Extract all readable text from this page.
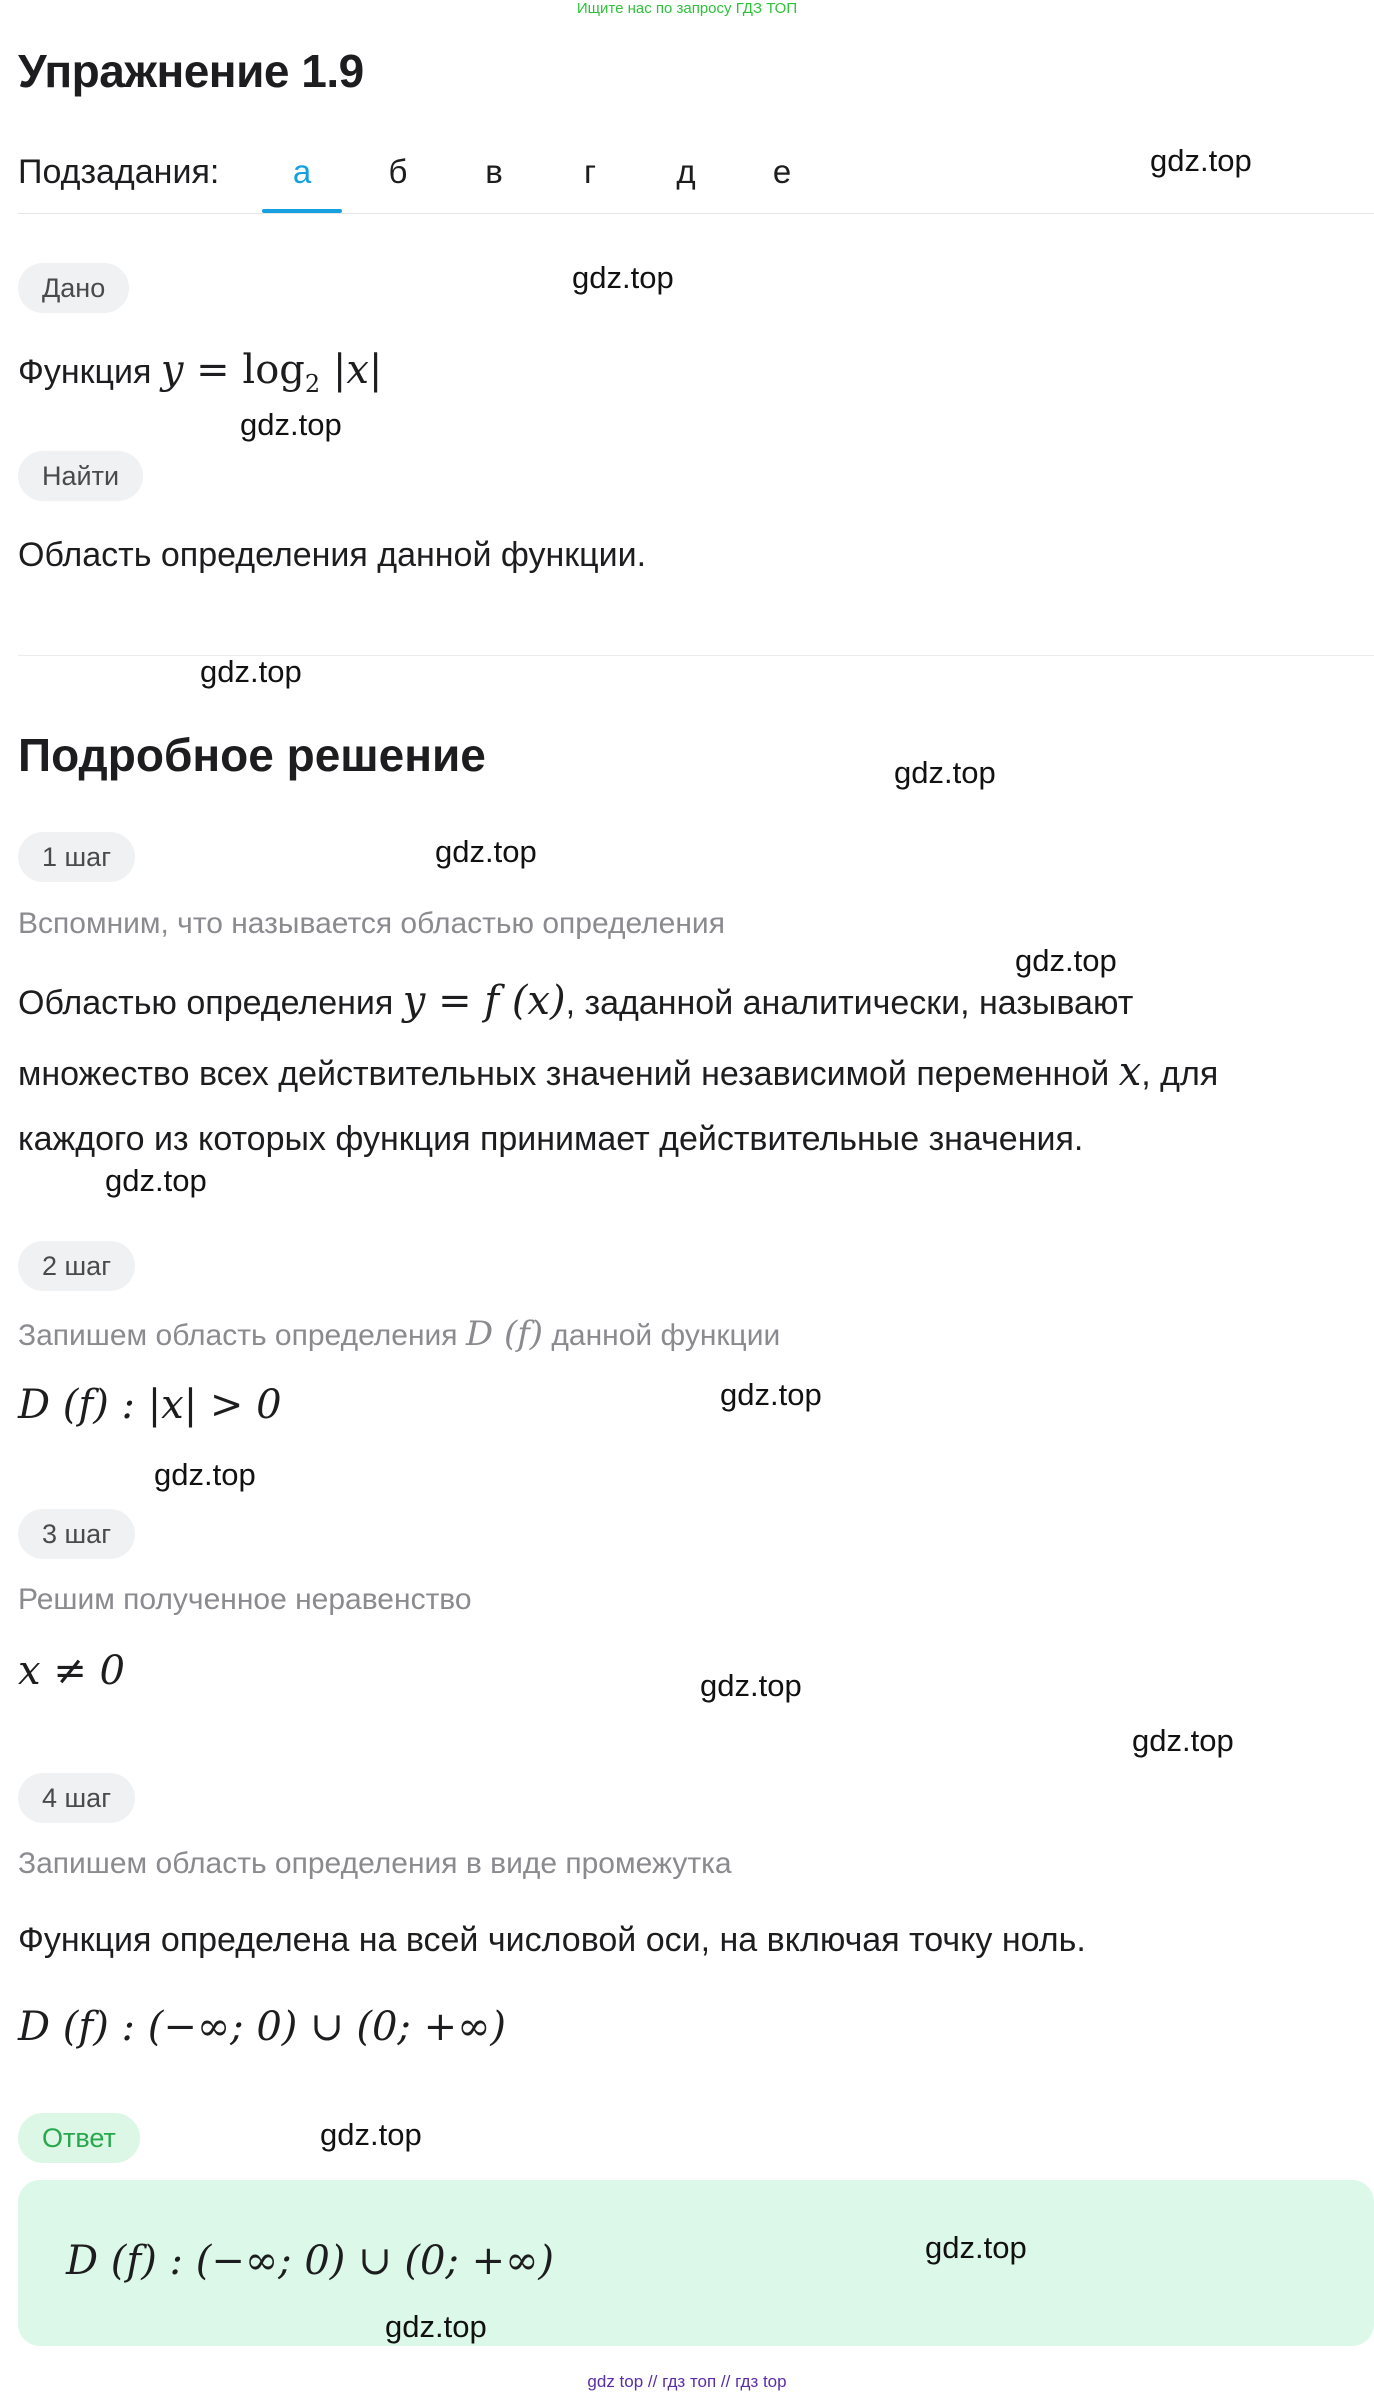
Ищите нас по запросу ГДЗ ТОП
Упражнение 1.9
Подзадания:	а	б	в	г	д	е	gdz.top
Дано	gdz.top
Функция $y = \log_2 |x|$
gdz.top
Найти
Область определения данной функции.
gdz.top
Подробное решение	gdz.top
1 шаг	gdz.top
Вспомним, что называется областью определения
gdz.top
Областью определения y = f (x), заданной аналитически, называют
множество всех действительных значений независимой переменной x, для
каждого из которых функция принимает действительные значения.
gdz.top
2 шаг
Запишем область определения D (f) данной функции
D (f) : |x| > 0	gdz.top
gdz.top
3 шаг
Решим полученное неравенство
x ≠ 0	gdz.top
gdz.top
4 шаг
Запишем область определения в виде промежутка
Функция определена на всей числовой оси, на включая точку ноль.
D (f) : (−∞; 0) ∪ (0; +∞)
Ответ	gdz.top
D (f) : (−∞; 0) ∪ (0; +∞)	gdz.top
gdz.top
gdz top // гдз топ // гдз top
